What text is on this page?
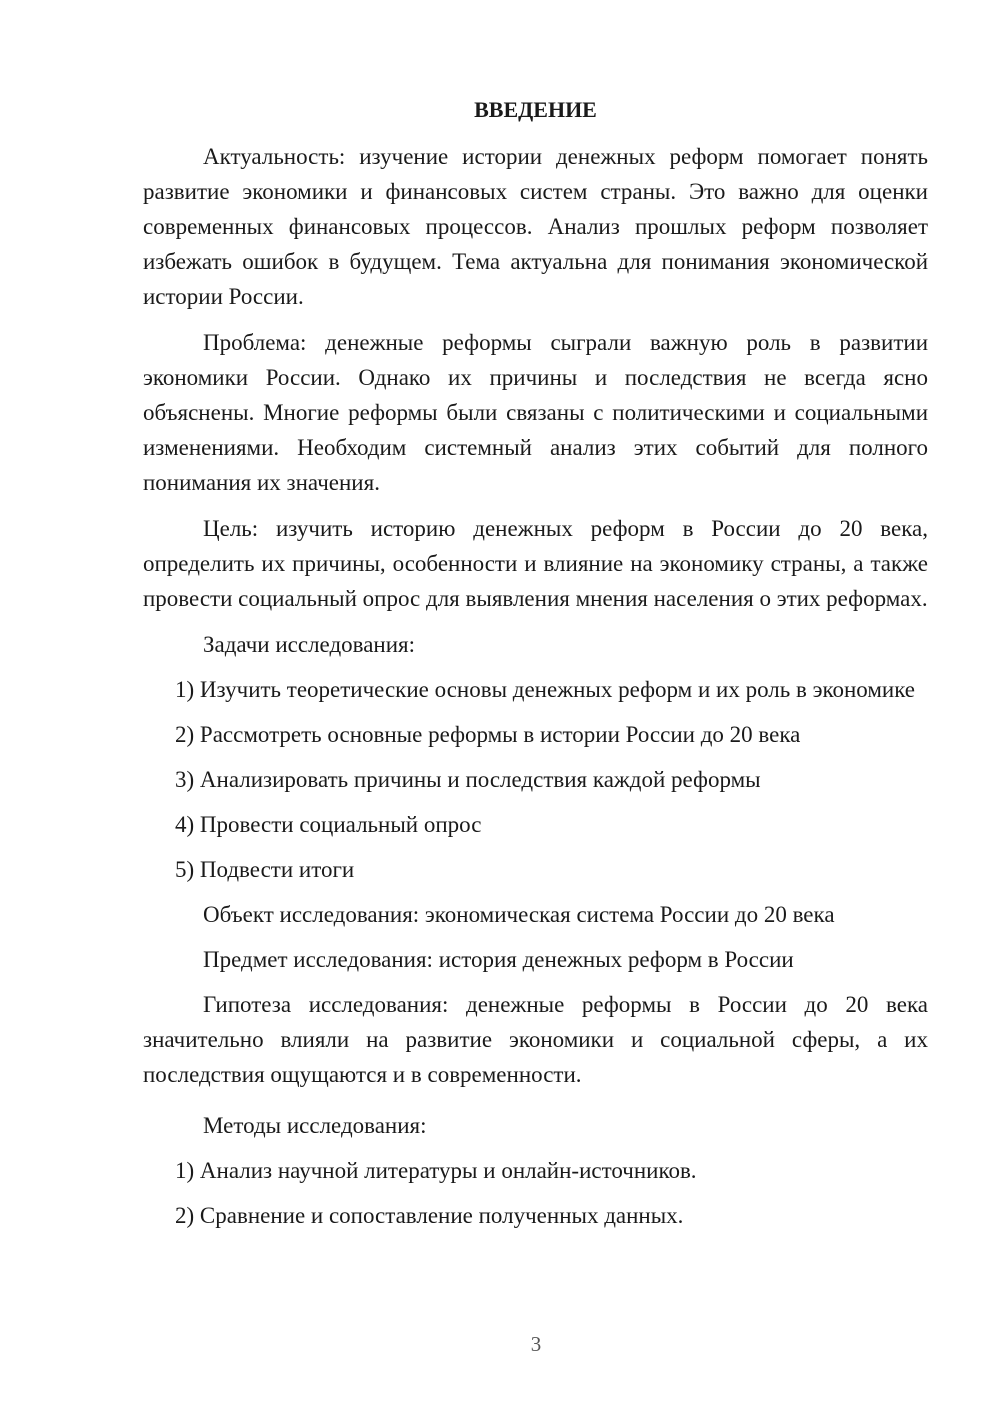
ВВЕДЕНИЕ

Актуальность: изучение истории денежных реформ помогает понять развитие экономики и финансовых систем страны. Это важно для оценки современных финансовых процессов. Анализ прошлых реформ позволяет избежать ошибок в будущем. Тема актуальна для понимания экономической истории России.

Проблема: денежные реформы сыграли важную роль в развитии экономики России. Однако их причины и последствия не всегда ясно объяснены. Многие реформы были связаны с политическими и социальными изменениями. Необходим системный анализ этих событий для полного понимания их значения.

Цель: изучить историю денежных реформ в России до 20 века, определить их причины, особенности и влияние на экономику страны, а также провести социальный опрос для выявления мнения населения о этих реформах.

Задачи исследования:
1) Изучить теоретические основы денежных реформ и их роль в экономике
2) Рассмотреть основные реформы в истории России до 20 века
3) Анализировать причины и последствия каждой реформы
4) Провести социальный опрос
5) Подвести итоги
Объект исследования: экономическая система России до 20 века
Предмет исследования: история денежных реформ в России

Гипотеза исследования: денежные реформы в России до 20 века значительно влияли на развитие экономики и социальной сферы, а их последствия ощущаются и в современности.

Методы исследования:
1) Анализ научной литературы и онлайн-источников.
2) Сравнение и сопоставление полученных данных.
3
